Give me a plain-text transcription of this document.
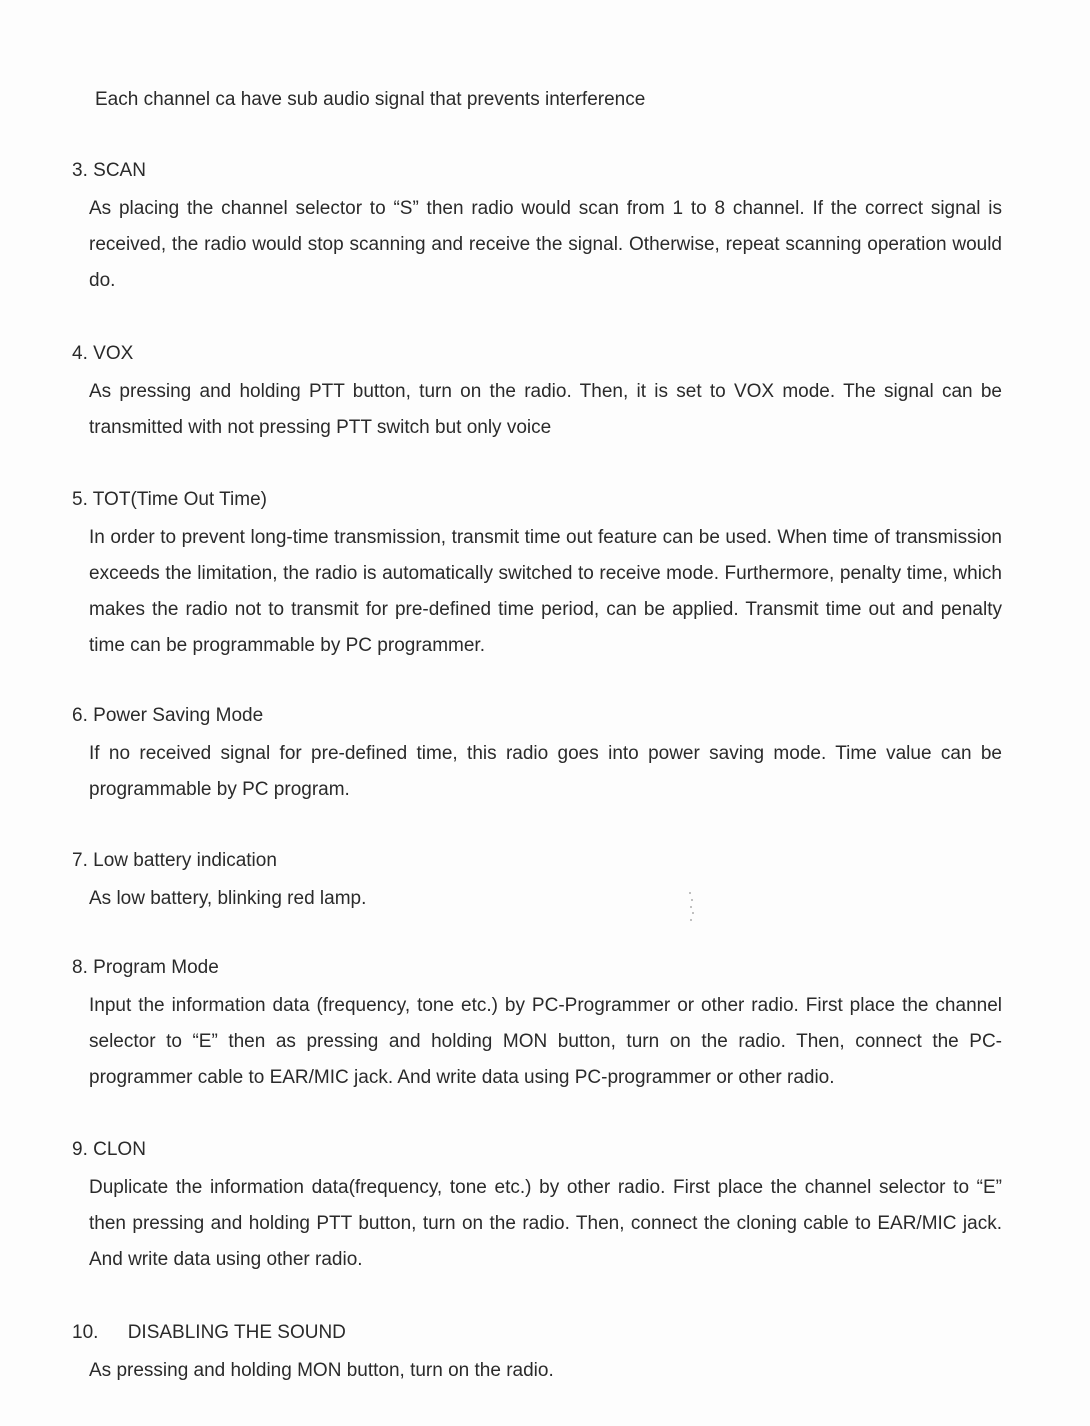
Each channel ca have sub audio signal that prevents interference
3. SCAN
As placing the channel selector to “S” then radio would scan from 1 to 8 channel. If the correct signal is received, the radio would stop scanning and receive the signal. Otherwise, repeat scanning operation would do.
4. VOX
As pressing and holding PTT button, turn on the radio. Then, it is set to VOX mode. The signal can be transmitted with not pressing PTT switch but only voice
5. TOT(Time Out Time)
In order to prevent long-time transmission, transmit time out feature can be used. When time of transmission exceeds the limitation, the radio is automatically switched to receive mode. Furthermore, penalty time, which makes the radio not to transmit for pre-defined time period, can be applied. Transmit time out and penalty time can be programmable by PC programmer.
6. Power Saving Mode
If no received signal for pre-defined time, this radio goes into power saving mode. Time value can be programmable by PC program.
7. Low battery indication
As low battery, blinking red lamp.
8. Program Mode
Input the information data (frequency, tone etc.) by PC-Programmer or other radio. First place the channel selector to “E” then as pressing and holding MON button, turn on the radio. Then, connect the PC-programmer cable to EAR/MIC jack. And write data using PC-programmer or other radio.
9. CLON
Duplicate the information data(frequency, tone etc.) by other radio. First place the channel selector to “E” then pressing and holding PTT button, turn on the radio. Then, connect the cloning cable to EAR/MIC jack. And write data using other radio.
10. DISABLING THE SOUND
As pressing and holding MON button, turn on the radio.
